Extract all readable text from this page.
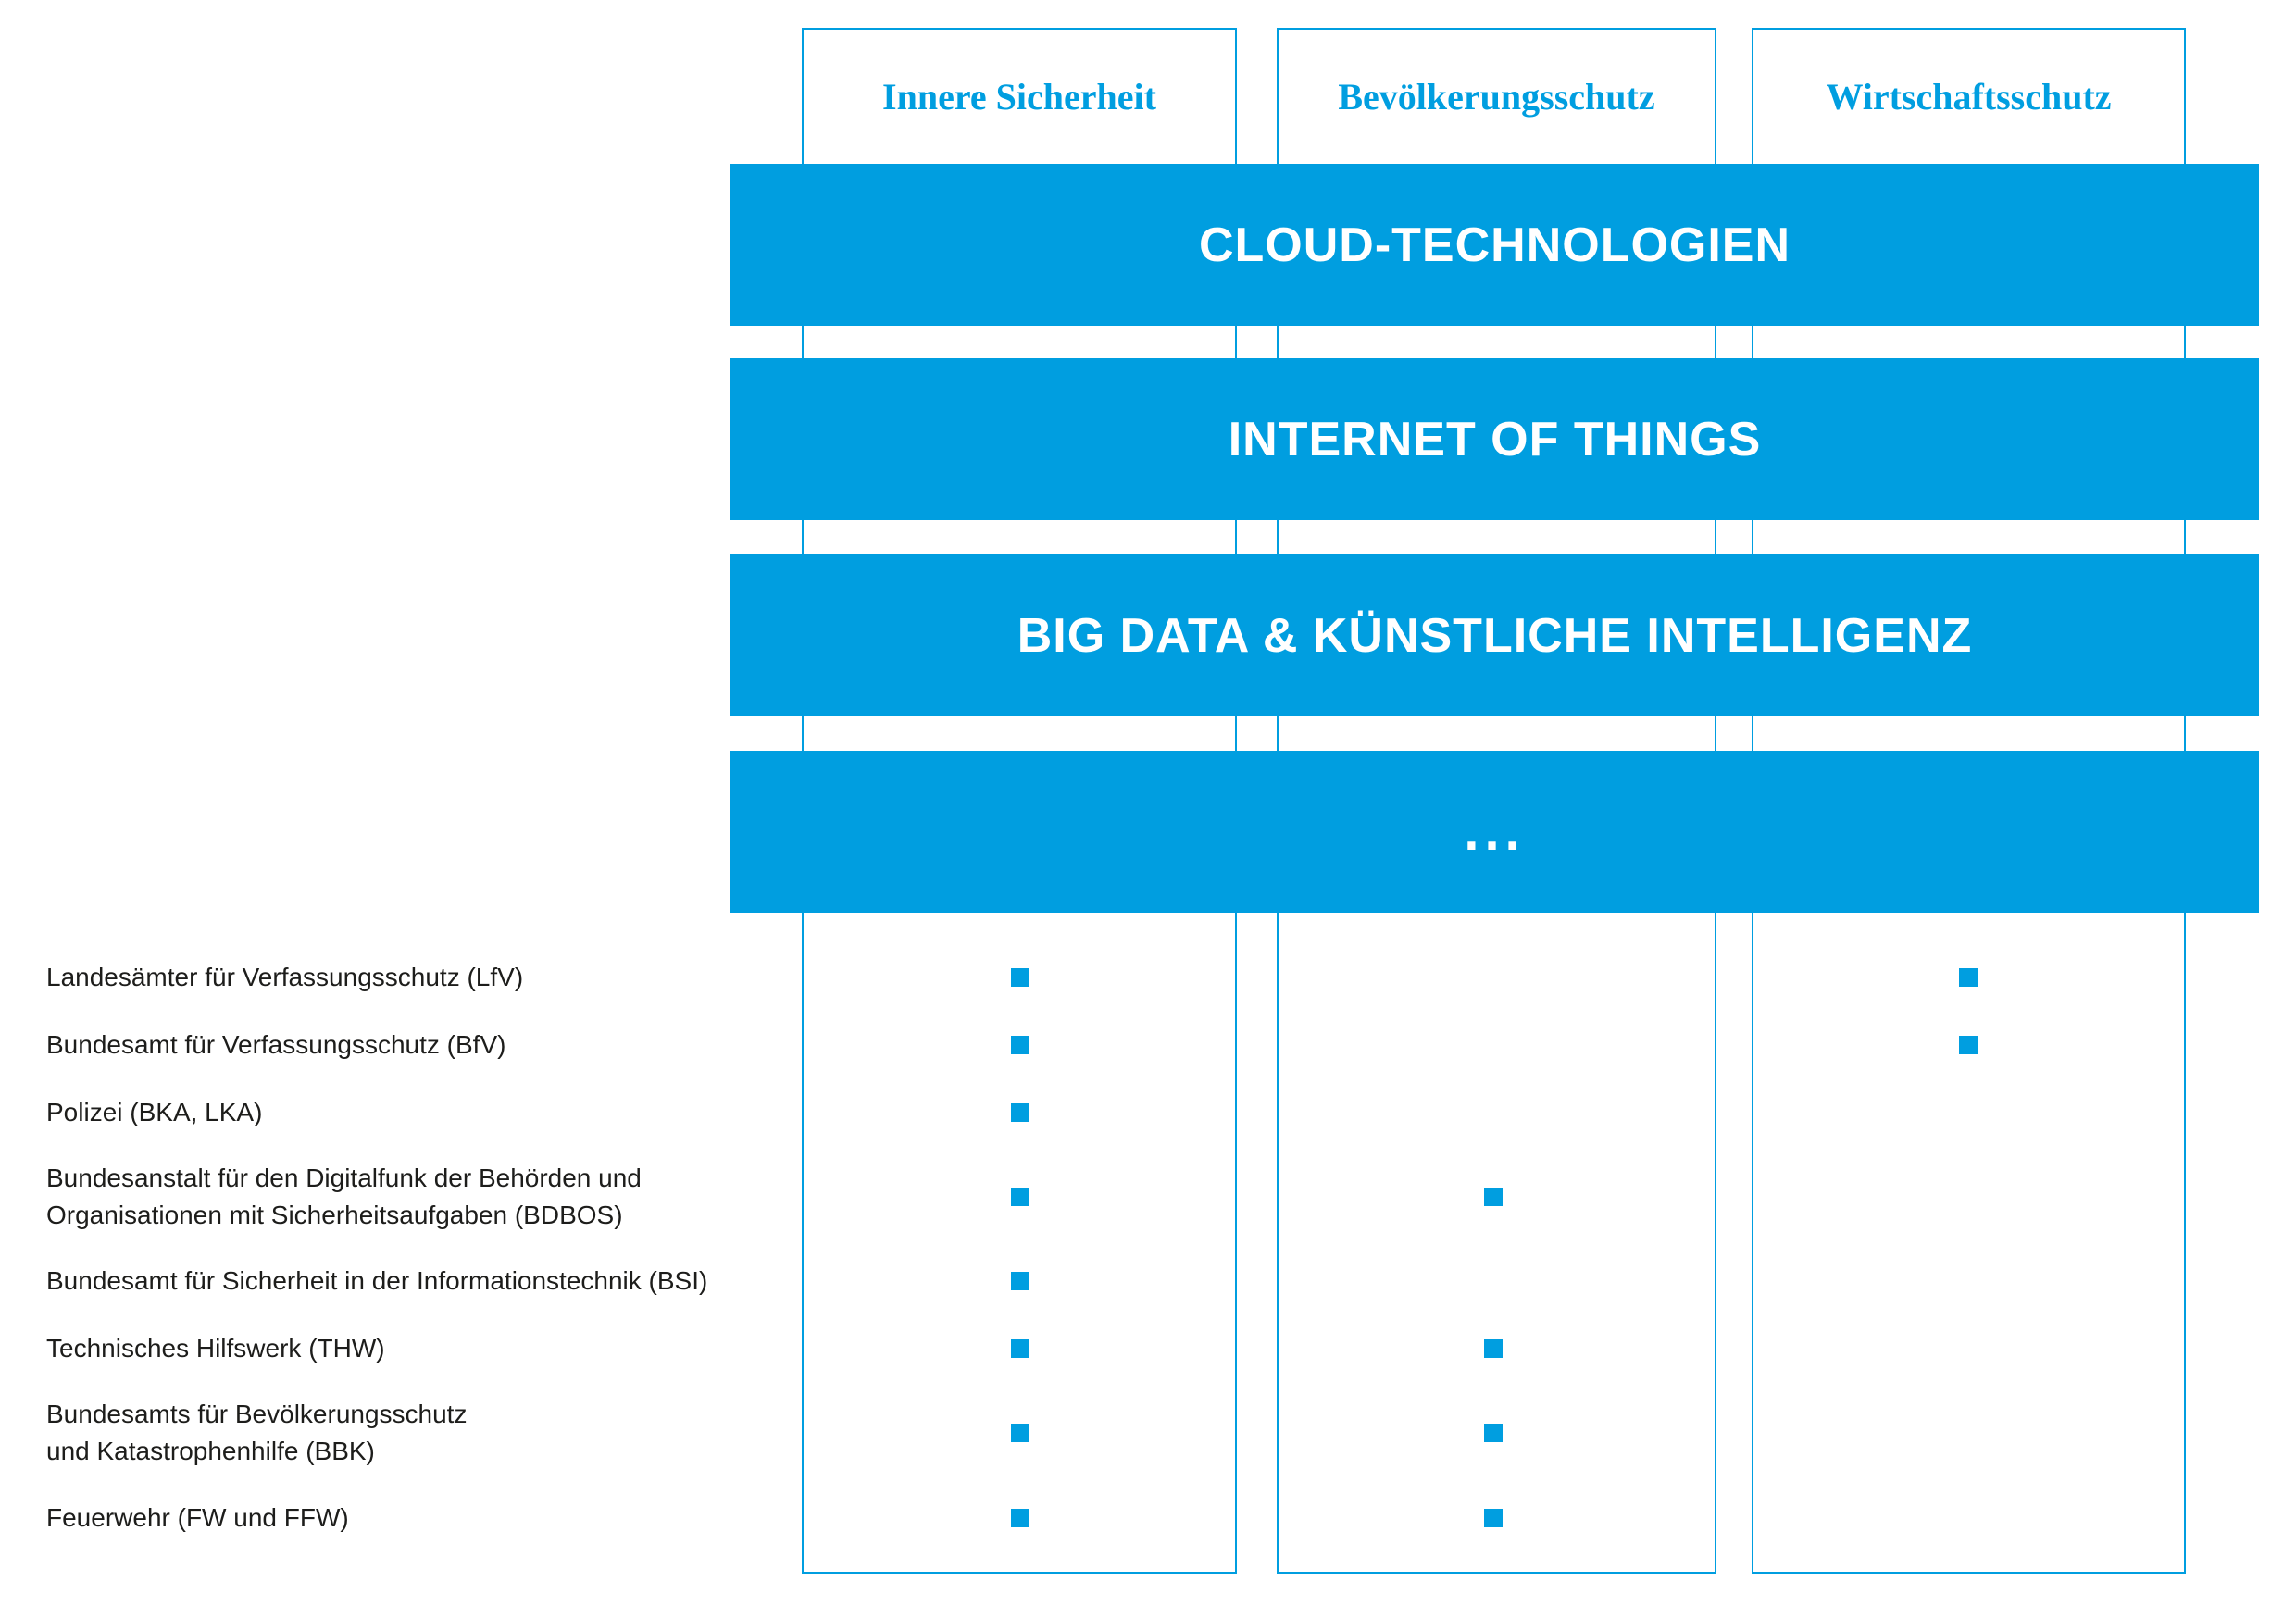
Innere Sicherheit	Bevölkerungsschutz	Wirtschaftsschutz
CLOUD-TECHNOLOGIEN
INTERNET OF THINGS
BIG DATA & KÜNSTLICHE INTELLIGENZ
...
Landesämter für Verfassungsschutz (LfV)
Bundesamt für Verfassungsschutz (BfV)
Polizei (BKA, LKA)
Bundesanstalt für den Digitalfunk der Behörden und
Organisationen mit Sicherheitsaufgaben (BDBOS)
Bundesamt für Sicherheit in der Informationstechnik (BSI)
Technisches Hilfswerk (THW)
Bundesamts für Bevölkerungsschutz
und Katastrophenhilfe (BBK)
Feuerwehr (FW und FFW)
